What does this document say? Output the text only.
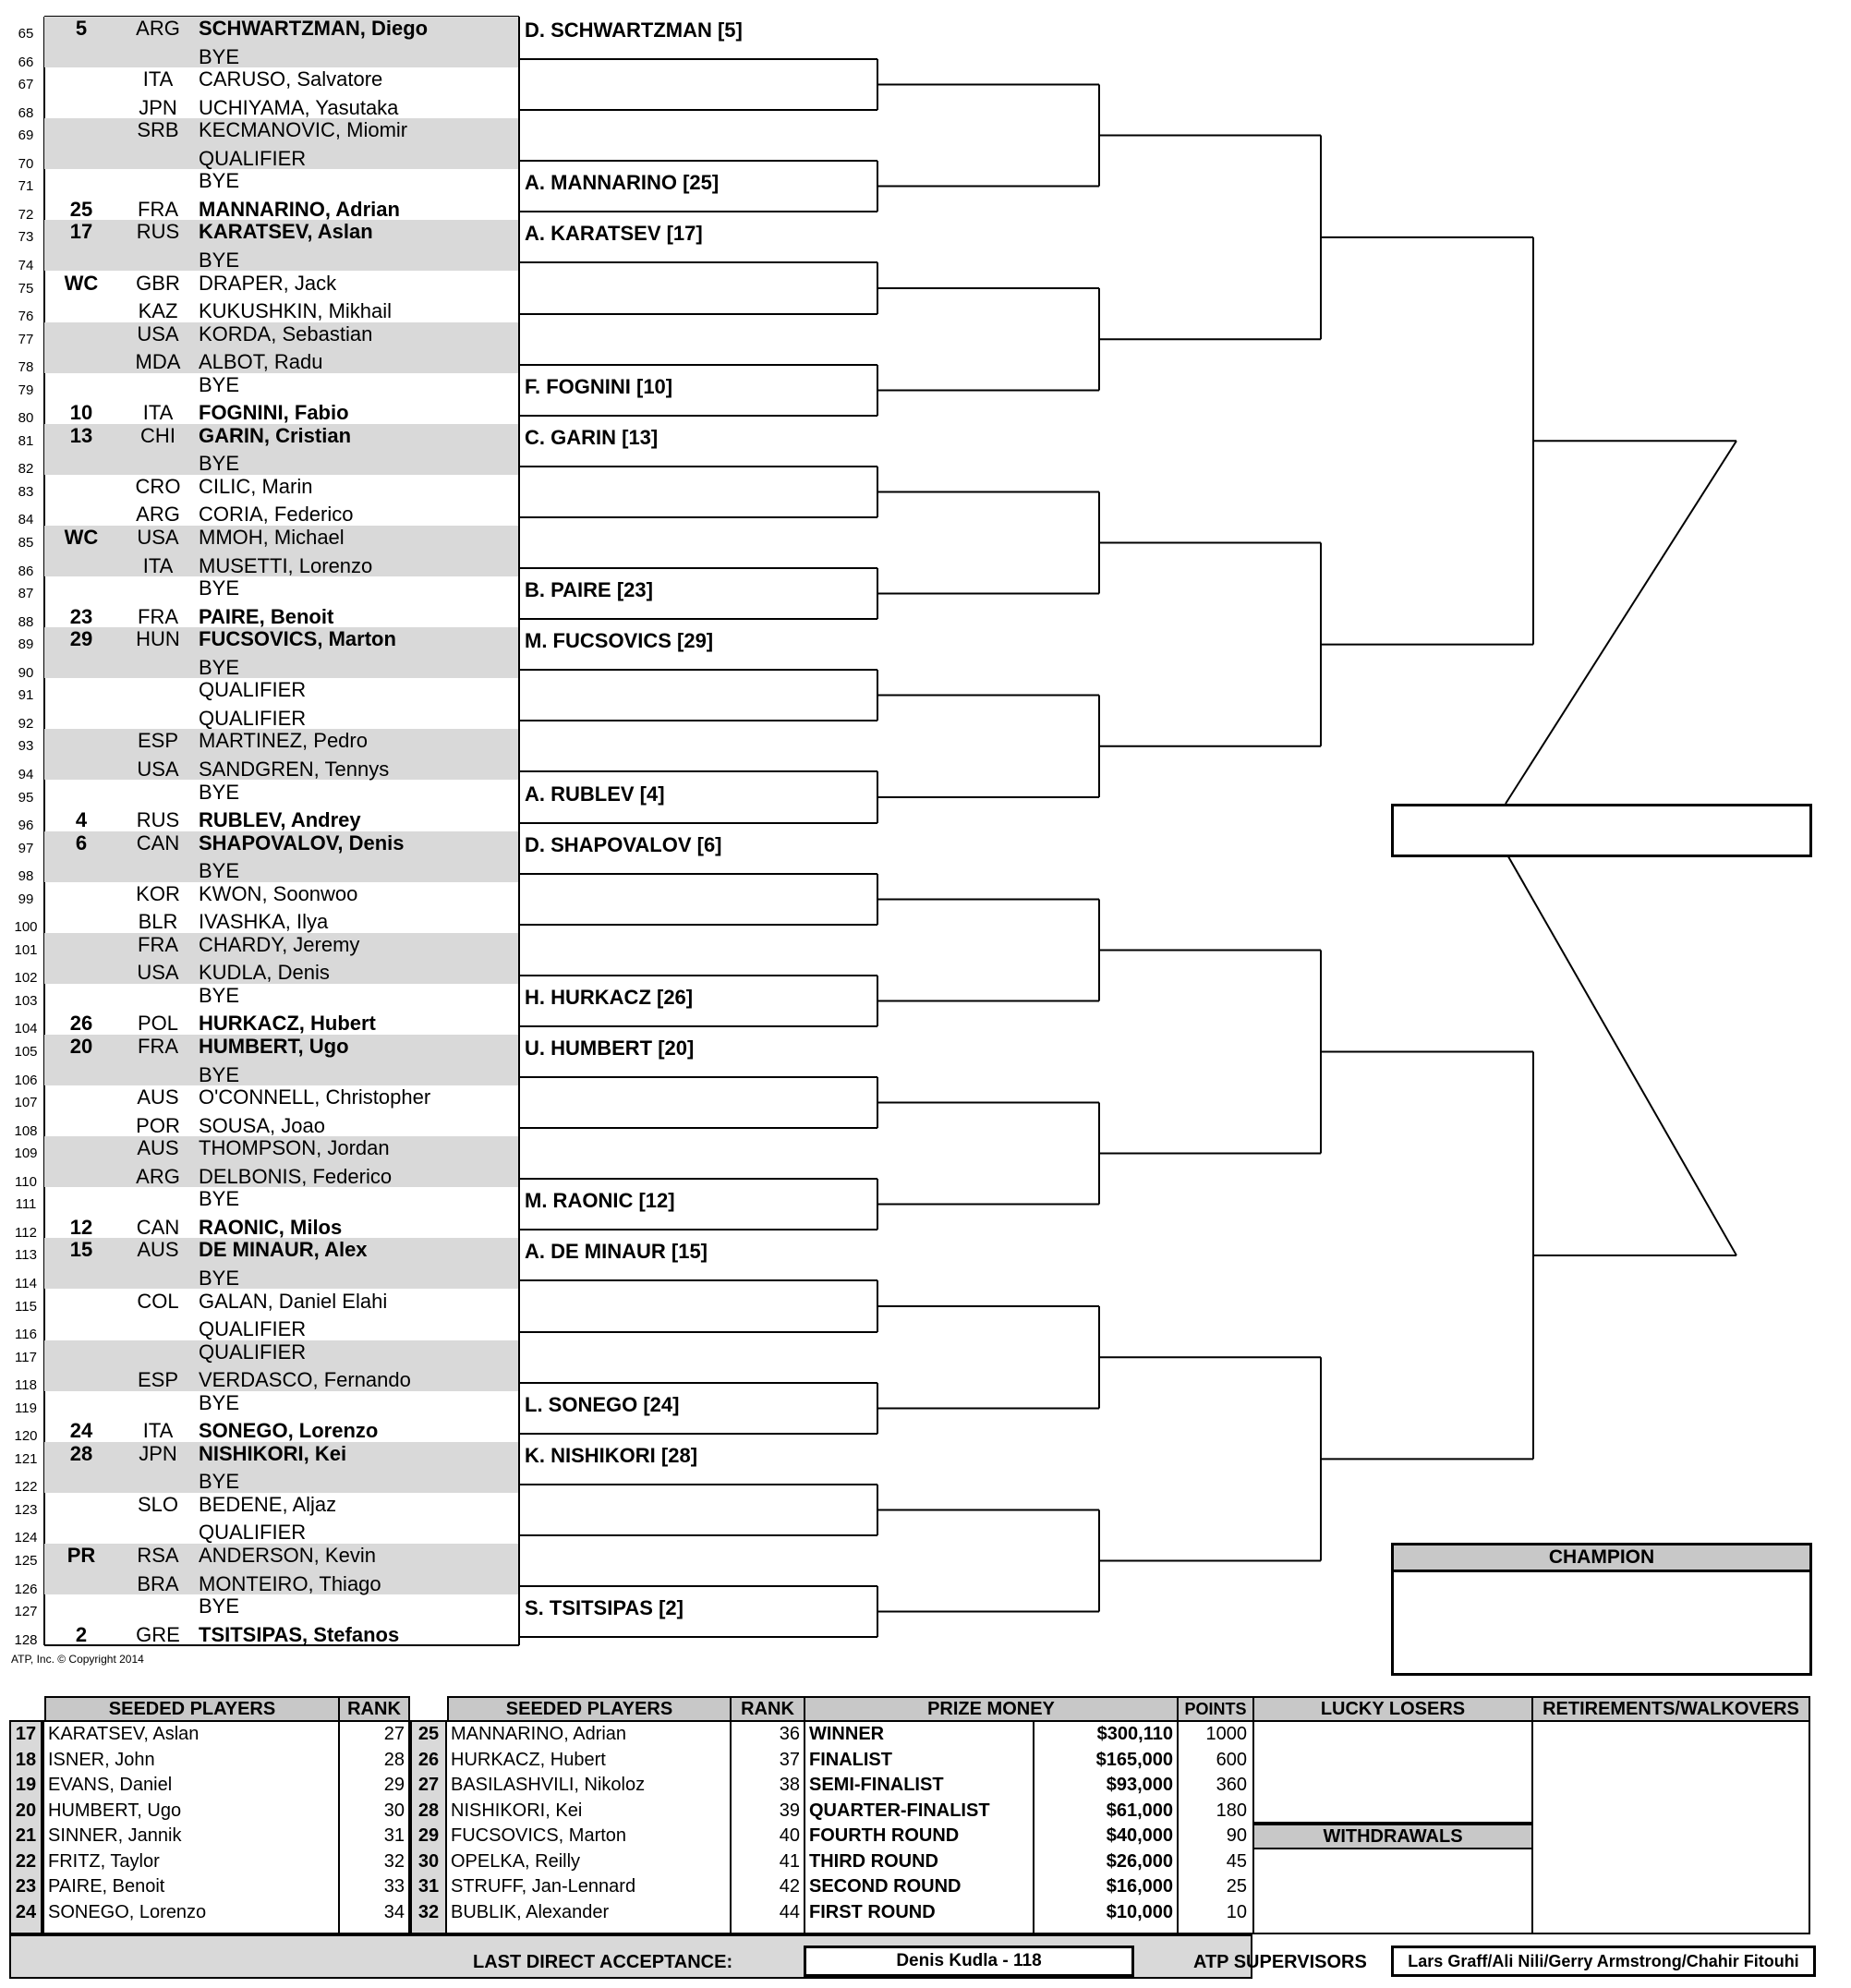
65	5	ARG SCHWARTZMAN, Diego
66	BYE
67	ITA	CARUSO, Salvatore
68	JPN	UCHIYAMA, Yasutaka
69	SRB KECMANOVIC, Miomir
70	QUALIFIER
71	BYE
72	25	FRA	MANNARINO, Adrian
73	17	RUS KARATSEV, Aslan
74	BYE
75	WC	GBR DRAPER, Jack
76	KAZ	KUKUSHKIN, Mikhail
77	USA KORDA, Sebastian
78	MDA ALBOT, Radu
79	BYE
80	10	ITA	FOGNINI, Fabio
81	13	CHI	GARIN, Cristian
82	BYE
83	CRO CILIC, Marin
84	ARG CORIA, Federico
85	WC	USA MMOH, Michael
86	ITA	MUSETTI, Lorenzo
87	BYE
88	23	FRA	PAIRE, Benoit
89	29	HUN FUCSOVICS, Marton
90	BYE
91	QUALIFIER
92	QUALIFIER
93	ESP MARTINEZ, Pedro
94	USA SANDGREN, Tennys
95	BYE
96	4	RUS RUBLEV, Andrey
97	6	CAN SHAPOVALOV, Denis
98	BYE
99	KOR KWON, Soonwoo
100	BLR	IVASHKA, Ilya
101	FRA	CHARDY, Jeremy
102	USA KUDLA, Denis
103	BYE
104	26	POL HURKACZ, Hubert
105	20	FRA	HUMBERT, Ugo
106	BYE
107	AUS O'CONNELL, Christopher
108	POR SOUSA, Joao
109	AUS THOMPSON, Jordan
110	ARG DELBONIS, Federico
111	BYE
112	12	CAN RAONIC, Milos
113	15	AUS DE MINAUR, Alex
114	BYE
115	COL GALAN, Daniel Elahi
116	QUALIFIER
117	QUALIFIER
118	ESP VERDASCO, Fernando
119	BYE
120	24	ITA	SONEGO, Lorenzo
121	28	JPN	NISHIKORI, Kei
122	BYE
123	SLO BEDENE, Aljaz
124	QUALIFIER
125	PR	RSA ANDERSON, Kevin
126	BRA MONTEIRO, Thiago
127	BYE
128	2	GRE TSITSIPAS, Stefanos
D. SCHWARTZMAN [5]
A. MANNARINO [25]
A. KARATSEV [17]
F. FOGNINI [10]
C. GARIN [13]
B. PAIRE [23]
M. FUCSOVICS [29]
A. RUBLEV [4]
D. SHAPOVALOV [6]
H. HURKACZ [26]
U. HUMBERT [20]
M. RAONIC [12]
A. DE MINAUR [15]
L. SONEGO [24]
K. NISHIKORI [28]
S. TSITSIPAS [2]
ATP, Inc. © Copyright 2014
CHAMPION
SEEDED PLAYERS	RANK	SEEDED PLAYERS	RANK	PRIZE MONEY	POINTS	LUCKY LOSERS	RETIREMENTS/WALKOVERS
WITHDRAWALS
17 KARATSEV, Aslan	27
18 ISNER, John	28
19 EVANS, Daniel	29
20 HUMBERT, Ugo	30
21 SINNER, Jannik	31
22 FRITZ, Taylor	32
23 PAIRE, Benoit	33
24 SONEGO, Lorenzo	34
25 MANNARINO, Adrian	36
26 HURKACZ, Hubert	37
27 BASILASHVILI, Nikoloz	38
28 NISHIKORI, Kei	39
29 FUCSOVICS, Marton	40
30 OPELKA, Reilly	41
31 STRUFF, Jan-Lennard	42
32 BUBLIK, Alexander	44
WINNER	$300,110	1000
FINALIST	$165,000	600
SEMI-FINALIST	$93,000	360
QUARTER-FINALIST	$61,000	180
FOURTH ROUND	$40,000	90
THIRD ROUND	$26,000	45
SECOND ROUND	$16,000	25
FIRST ROUND	$10,000	10
LAST DIRECT ACCEPTANCE:	Denis Kudla - 118	ATP SUPERVISORS	Lars Graff/Ali Nili/Gerry Armstrong/Chahir Fitouhi
